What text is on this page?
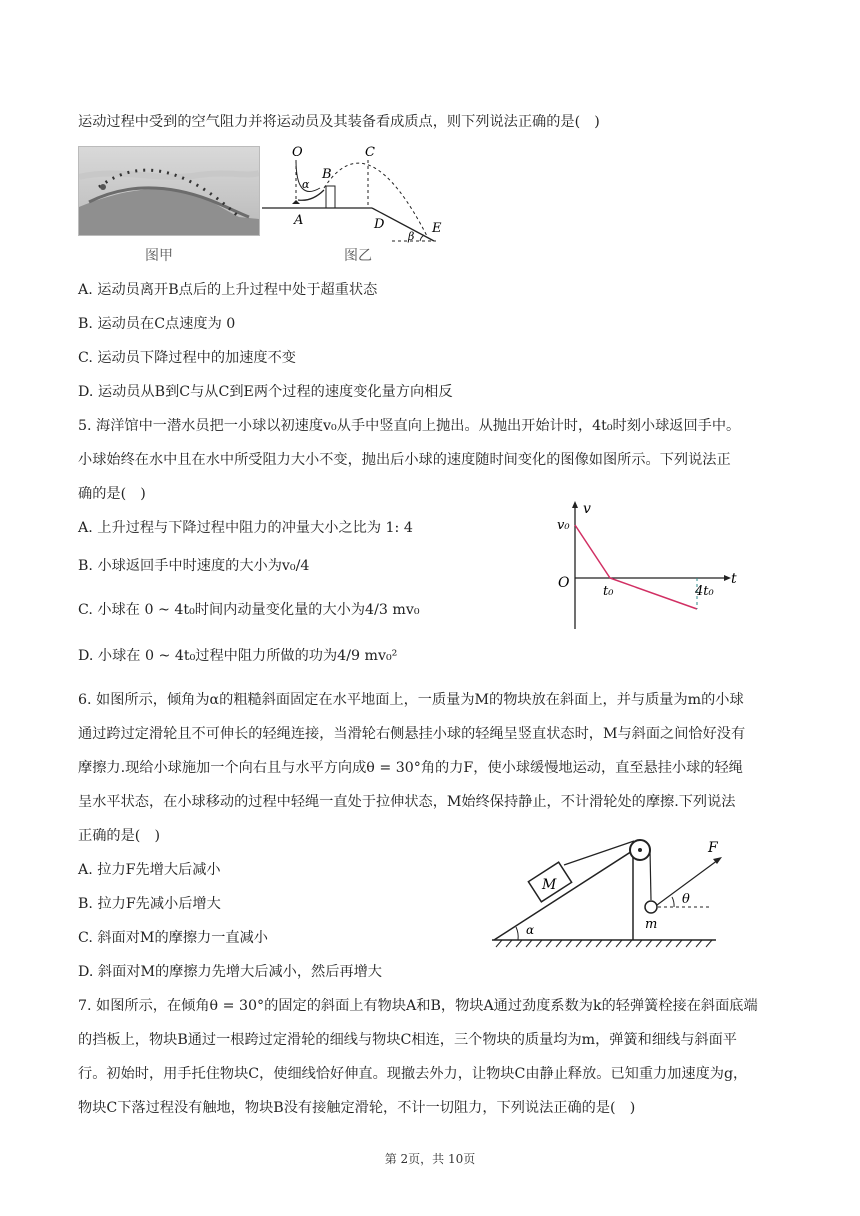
运动过程中受到的空气阻力并将运动员及其装备看成质点，则下列说法正确的是(　)
图甲
O	C
B
α
A	D	E
β
图乙
A. 运动员离开B点后的上升过程中处于超重状态
B. 运动员在C点速度为 0
C. 运动员下降过程中的加速度不变
D. 运动员从B到C与从C到E两个过程的速度变化量方向相反
5. 海洋馆中一潜水员把一小球以初速度v₀从手中竖直向上抛出。从抛出开始计时，4t₀时刻小球返回手中。
小球始终在水中且在水中所受阻力大小不变，抛出后小球的速度随时间变化的图像如图所示。下列说法正
确的是(　)
A. 上升过程与下降过程中阻力的冲量大小之比为 1: 4
B. 小球返回手中时速度的大小为v₀/4
C. 小球在 0 ~ 4t₀时间内动量变化量的大小为4/3 mv₀
D. 小球在 0 ~ 4t₀过程中阻力所做的功为4/9 mv₀²
v
t
O
v₀
t₀	4t₀
6. 如图所示，倾角为α的粗糙斜面固定在水平地面上，一质量为M的物块放在斜面上，并与质量为m的小球
通过跨过定滑轮且不可伸长的轻绳连接，当滑轮右侧悬挂小球的轻绳呈竖直状态时，M与斜面之间恰好没有
摩擦力.现给小球施加一个向右且与水平方向成θ = 30°角的力F，使小球缓慢地运动，直至悬挂小球的轻绳
呈水平状态，在小球移动的过程中轻绳一直处于拉伸状态，M始终保持静止，不计滑轮处的摩擦.下列说法
正确的是(　)
A. 拉力F先增大后减小
B. 拉力F先减小后增大
C. 斜面对M的摩擦力一直减小
D. 斜面对M的摩擦力先增大后减小，然后再增大
M
m
F
θ
α
7. 如图所示，在倾角θ = 30°的固定的斜面上有物块A和B，物块A通过劲度系数为k的轻弹簧栓接在斜面底端
的挡板上，物块B通过一根跨过定滑轮的细线与物块C相连，三个物块的质量均为m，弹簧和细线与斜面平
行。初始时，用手托住物块C，使细线恰好伸直。现撤去外力，让物块C由静止释放。已知重力加速度为g，
物块C下落过程没有触地，物块B没有接触定滑轮，不计一切阻力，下列说法正确的是(　)
第 2页，共 10页
